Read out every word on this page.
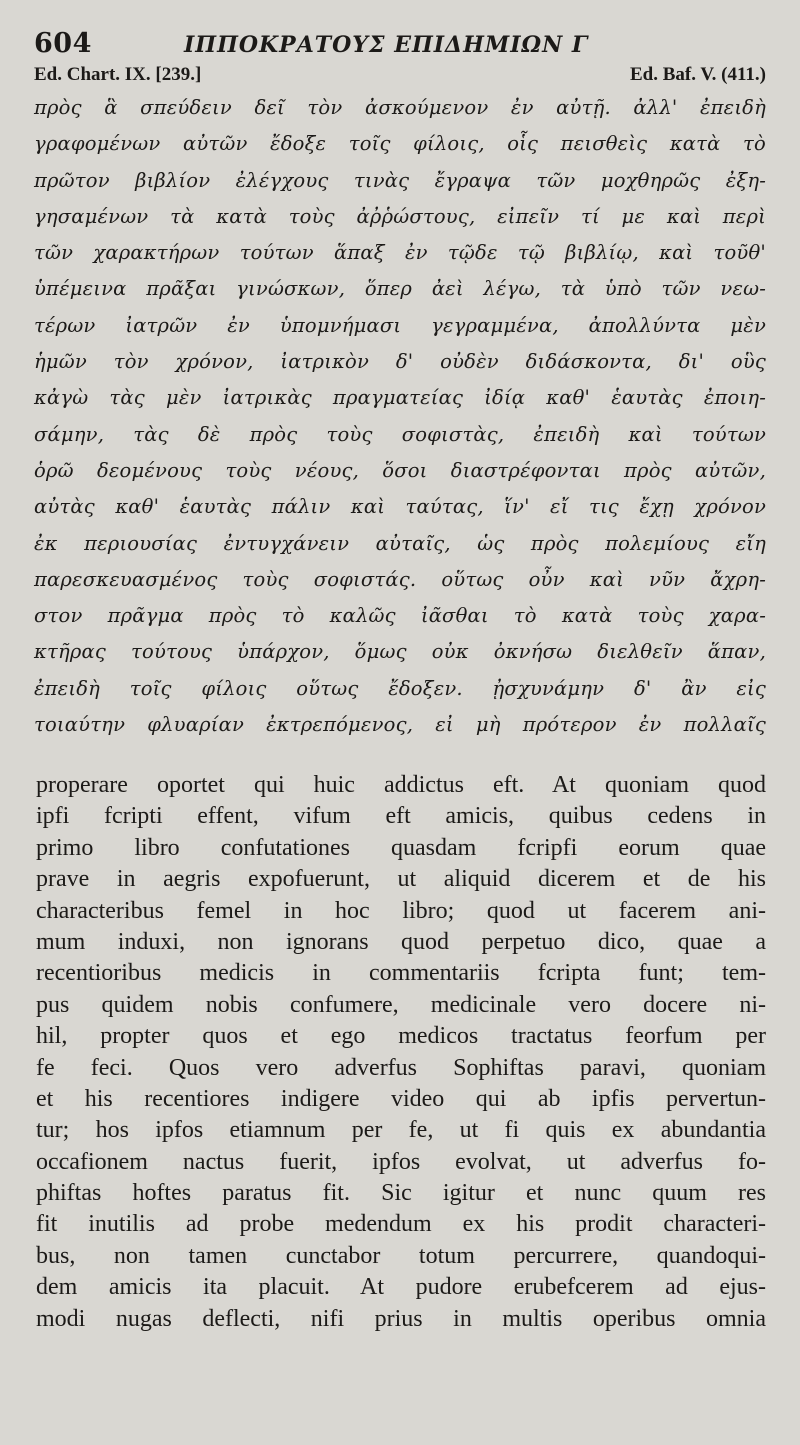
604	ΙΠΠΟΚΡΑΤΟΥΣ ΕΠΙΔΗΜΙΩΝ Γ
Ed. Chart. IX. [239.]	Ed. Baf. V. (411.)
πρὸς ἃ σπεύδειν δεῖ τὸν ἀσκούμενον ἐν αὐτῇ. ἀλλ' ἐπειδὴ
γραφομένων αὐτῶν ἔδοξε τοῖς φίλοις, οἷς πεισθεὶς κατὰ τὸ
πρῶτον βιβλίον ἐλέγχους τινὰς ἔγραψα τῶν μοχθηρῶς ἐξη-
γησαμένων τὰ κατὰ τοὺς ἀῤῥώστους, εἰπεῖν τί με καὶ περὶ
τῶν χαρακτήρων τούτων ἅπαξ ἐν τῷδε τῷ βιβλίῳ, καὶ τοῦθ'
ὑπέμεινα πρᾶξαι γινώσκων, ὅπερ ἀεὶ λέγω, τὰ ὑπὸ τῶν νεω-
τέρων ἰατρῶν ἐν ὑπομνήμασι γεγραμμένα, ἀπολλύντα μὲν
ἡμῶν τὸν χρόνον, ἰατρικὸν δ' οὐδὲν διδάσκοντα, δι' οὓς
κἀγὼ τὰς μὲν ἰατρικὰς πραγματείας ἰδίᾳ καθ' ἑαυτὰς ἐποιη-
σάμην, τὰς δὲ πρὸς τοὺς σοφιστὰς, ἐπειδὴ καὶ τούτων
ὁρῶ δεομένους τοὺς νέους, ὅσοι διαστρέφονται πρὸς αὐτῶν,
αὐτὰς καθ' ἑαυτὰς πάλιν καὶ ταύτας, ἵν' εἴ τις ἔχῃ χρόνον
ἐκ περιουσίας ἐντυγχάνειν αὐταῖς, ὡς πρὸς πολεμίους εἴη
παρεσκευασμένος τοὺς σοφιστάς. οὕτως οὖν καὶ νῦν ἄχρη-
στον πρᾶγμα πρὸς τὸ καλῶς ἰᾶσθαι τὸ κατὰ τοὺς χαρα-
κτῆρας τούτους ὑπάρχον, ὅμως οὐκ ὀκνήσω διελθεῖν ἅπαν,
ἐπειδὴ τοῖς φίλοις οὕτως ἔδοξεν. ᾐσχυνάμην δ' ἂν εἰς
τοιαύτην φλυαρίαν ἐκτρεπόμενος, εἰ μὴ πρότερον ἐν πολλαῖς
properare oportet qui huic addictus eft. At quoniam quod
ipfi fcripti effent, vifum eft amicis, quibus cedens in
primo libro confutationes quasdam fcripfi eorum quae
prave in aegris expofuerunt, ut aliquid dicerem et de his
characteribus femel in hoc libro; quod ut facerem ani-
mum induxi, non ignorans quod perpetuo dico, quae a
recentioribus medicis in commentariis fcripta funt; tem-
pus quidem nobis confumere, medicinale vero docere ni-
hil, propter quos et ego medicos tractatus feorfum per
fe feci. Quos vero adverfus Sophiftas paravi, quoniam
et his recentiores indigere video qui ab ipfis pervertun-
tur; hos ipfos etiamnum per fe, ut fi quis ex abundantia
occafionem nactus fuerit, ipfos evolvat, ut adverfus fo-
phiftas hoftes paratus fit. Sic igitur et nunc quum res
fit inutilis ad probe medendum ex his prodit characteri-
bus, non tamen cunctabor totum percurrere, quandoqui-
dem amicis ita placuit. At pudore erubefcerem ad ejus-
modi nugas deflecti, nifi prius in multis operibus omnia
